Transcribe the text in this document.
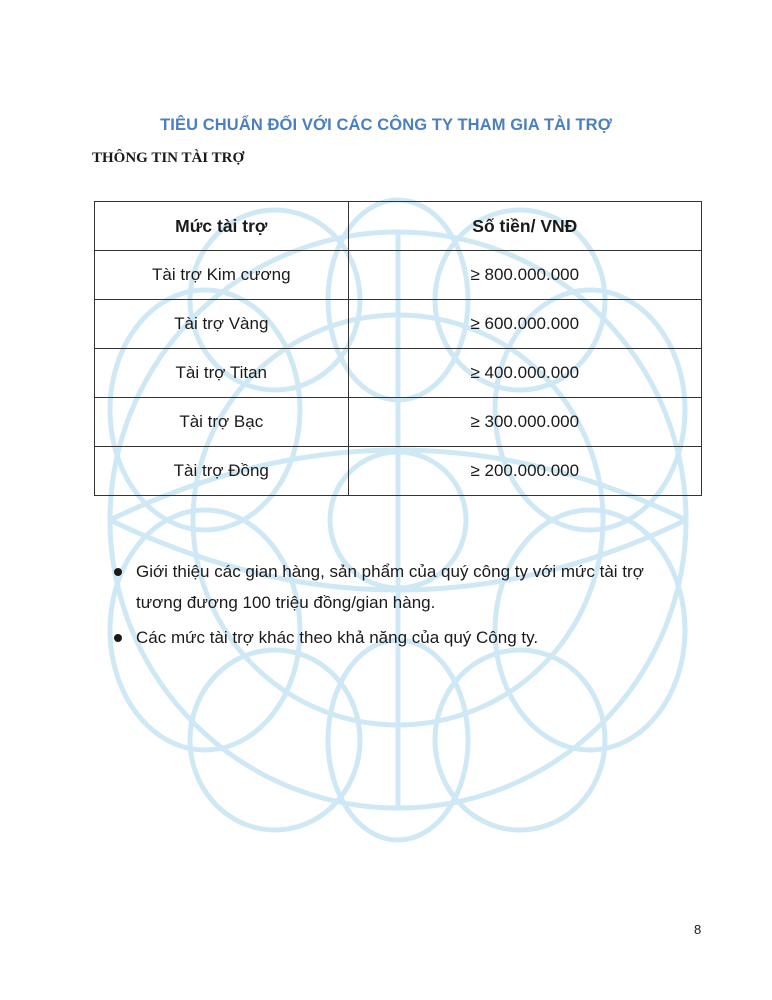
TIÊU CHUẨN ĐỐI VỚI CÁC CÔNG TY THAM GIA TÀI TRỢ
THÔNG TIN TÀI TRỢ
Mức tài trợ	Số tiền/ VNĐ
Tài trợ Kim cương	≥ 800.000.000
Tài trợ Vàng	≥ 600.000.000
Tài trợ Titan	≥ 400.000.000
Tài trợ Bạc	≥ 300.000.000
Tài trợ Đồng	≥ 200.000.000
Giới thiệu các gian hàng, sản phẩm của quý công ty với mức tài trợ tương đương 100 triệu đồng/gian hàng.
Các mức tài trợ khác theo khả năng của quý Công ty.
8
